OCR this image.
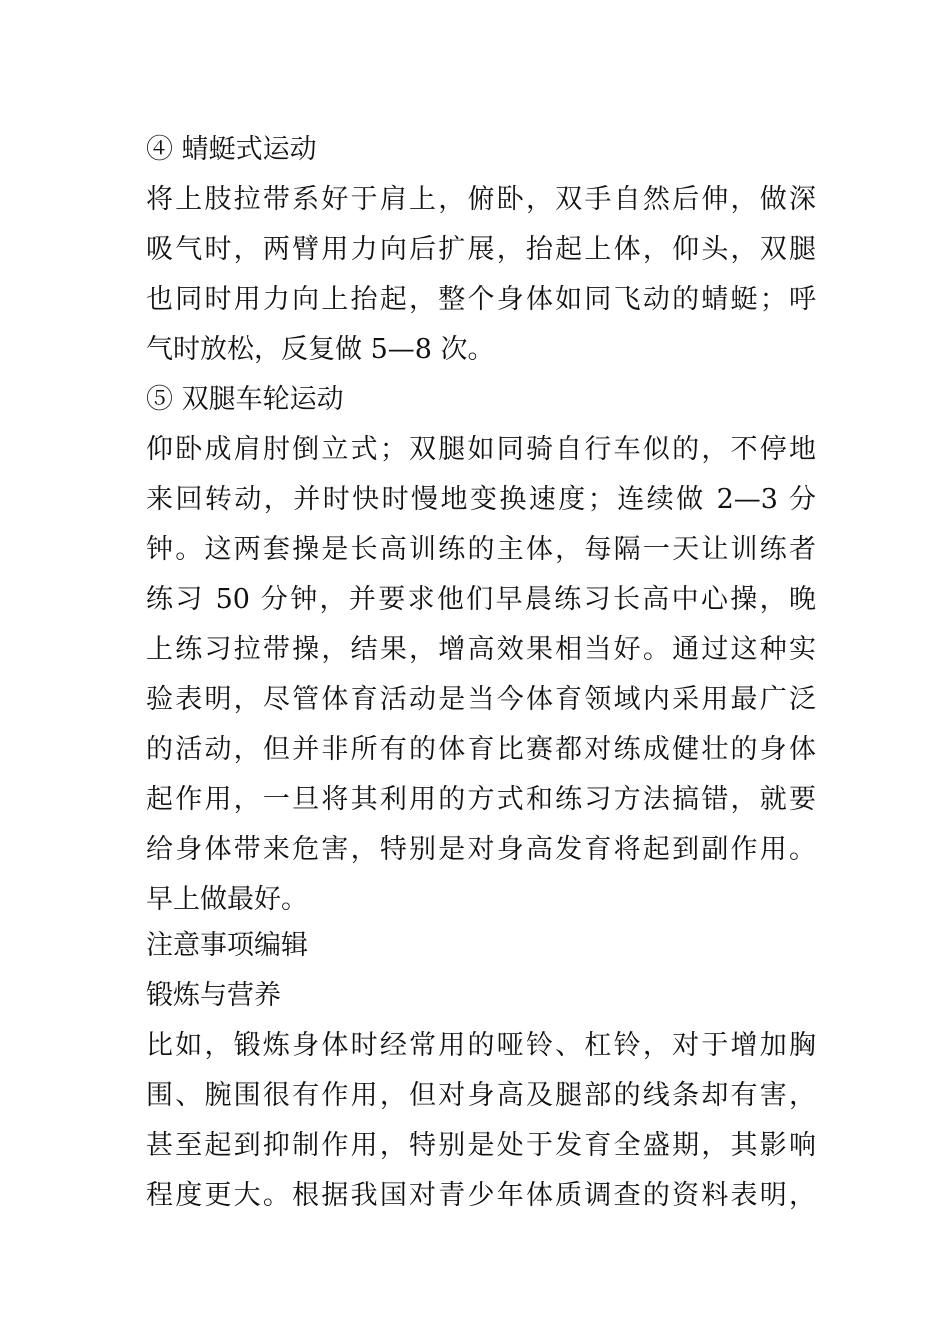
④ 蜻蜓式运动
将上肢拉带系好于肩上，俯卧，双手自然后伸，做深
吸气时，两臂用力向后扩展，抬起上体，仰头，双腿
也同时用力向上抬起，整个身体如同飞动的蜻蜓；呼
气时放松，反复做 5—8 次。
⑤ 双腿车轮运动
仰卧成肩肘倒立式；双腿如同骑自行车似的，不停地
来回转动，并时快时慢地变换速度；连续做 2—3 分
钟。这两套操是长高训练的主体，每隔一天让训练者
练习 50 分钟，并要求他们早晨练习长高中心操，晚
上练习拉带操，结果，增高效果相当好。通过这种实
验表明，尽管体育活动是当今体育领域内采用最广泛
的活动，但并非所有的体育比赛都对练成健壮的身体
起作用，一旦将其利用的方式和练习方法搞错，就要
给身体带来危害，特别是对身高发育将起到副作用。
早上做最好。
注意事项编辑
锻炼与营养
比如，锻炼身体时经常用的哑铃、杠铃，对于增加胸
围、腕围很有作用，但对身高及腿部的线条却有害，
甚至起到抑制作用，特别是处于发育全盛期，其影响
程度更大。根据我国对青少年体质调查的资料表明，
